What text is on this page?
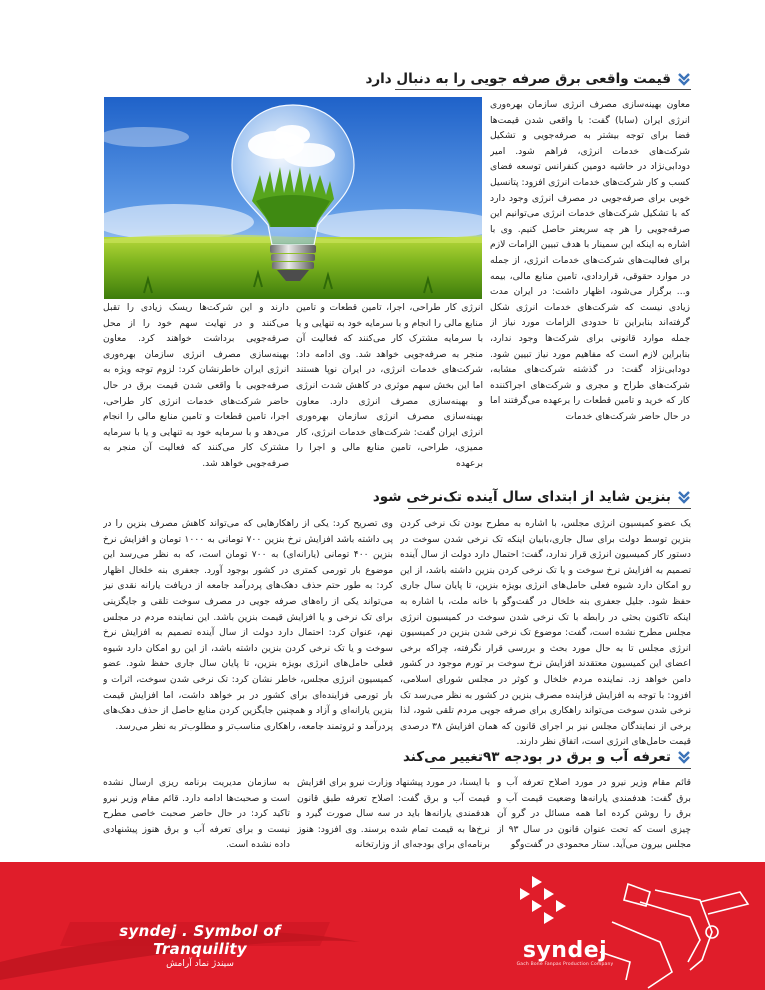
قیمت واقعی برق صرفه جویی را به دنبال دارد

معاون بهینه‌سازی مصرف انرژی سازمان بهره‌وری انرژی ایران (سابا) گفت: با واقعی شدن قیمت‌ها فضا برای توجه بیشتر به صرفه‌جویی و تشکیل شرکت‌های خدمات انرژی، فراهم شود. امیر دودابی‌نژاد در حاشیه دومین کنفرانس توسعه فضای کسب و کار شرکت‌های خدمات انرژی افزود: پتانسیل خوبی برای صرفه‌جویی در مصرف انرژی وجود دارد که با تشکیل شرکت‌های خدمات انرژی می‌توانیم این صرفه‌جویی را هر چه سریعتر حاصل کنیم. وی با اشاره به اینکه این سمینار با هدف تبیین الزامات لازم برای فعالیت‌های شرکت‌های خدمات انرژی، از جمله در موارد حقوقی، قراردادی، تامین منابع مالی، بیمه و... برگزار می‌شود، اظهار داشت: در ایران مدت زیادی نیست که شرکت‌های خدمات انرژی شکل گرفته‌اند بنابراین تا حدودی الزامات مورد نیاز از جمله موارد قانونی برای شرکت‌ها وجود ندارد، بنابراین لازم است که مفاهیم مورد نیاز تبیین شود. دودابی‌نژاد گفت: در گذشته شرکت‌های مشابه، شرکت‌های طراح و مجری و شرکت‌های اجراکننده کار که خرید و تامین قطعات را برعهده می‌گرفتند اما در حال حاضر شرکت‌های خدمات

انرژی کار طراحی، اجرا، تامین قطعات و تامین منابع مالی را انجام و با سرمایه خود به تنهایی و یا با سرمایه مشترک کار می‌کنند که فعالیت آن منجر به صرفه‌جویی خواهد شد. وی ادامه داد: شرکت‌های خدمات انرژی، در ایران نوپا هستند اما این بخش سهم موثری در کاهش شدت انرژی و بهینه‌سازی مصرف انرژی دارد. معاون بهینه‌سازی مصرف انرژی سازمان بهره‌وری انرژی ایران گفت: شرکت‌های خدمات انرژی، کار ممیزی، طراحی، تامین منابع مالی و اجرا را برعهده

دارند و این شرکت‌ها ریسک زیادی را تقبل می‌کنند و در نهایت سهم خود را از محل صرفه‌جویی برداشت خواهند کرد. معاون بهینه‌سازی مصرف انرژی سازمان بهره‌وری انرژی ایران خاطرنشان کرد: لزوم توجه ویژه به صرفه‌جویی با واقعی شدن قیمت برق در حال حاضر شرکت‌های خدمات انرژی کار طراحی، اجرا، تامین قطعات و تامین منابع مالی را انجام می‌دهد و با سرمایه خود به تنهایی و یا با سرمایه مشترک کار می‌کنند که فعالیت آن منجر به صرفه‌جویی خواهد شد.

بنزین شاید از ابتدای سال آینده تک‌نرخی شود

یک عضو کمیسیون انرژی مجلس، با اشاره به مطرح بودن تک نرخی کردن بنزین توسط دولت برای سال جاری،بابیان اینکه تک نرخی شدن سوخت در دستور کار کمیسیون انرژی قرار ندارد، گفت: احتمال دارد دولت از سال آینده تصمیم به افزایش نرخ سوخت و یا تک نرخی کردن بنزین داشته باشد، از این رو امکان دارد شیوه فعلی حامل‌های انرژی بویژه بنزین، تا پایان سال جاری حفظ شود. جلیل جعفری بنه خلخال در گفت‌وگو با خانه ملت، با اشاره به اینکه تاکنون بحثی در رابطه با تک نرخی شدن سوخت در کمیسیون انرژی مجلس مطرح نشده است، گفت: موضوع تک نرخی شدن بنزین در کمیسیون انرژی مجلس تا به حال مورد بحث و بررسی قرار نگرفته، چراکه برخی اعضای این کمیسیون معتقدند افزایش نرخ سوخت بر تورم موجود در کشور دامن خواهد زد. نماینده مردم خلخال و کوثر در مجلس شورای اسلامی، افزود: با توجه به افزایش فزاینده مصرف بنزین در کشور به نظر می‌رسد تک نرخی شدن سوخت می‌تواند راهکاری برای صرفه جویی مردم تلقی شود، لذا برخی از نمایندگان مجلس نیز بر اجرای قانون که همان افزایش ۳۸ درصدی قیمت حامل‌های انرژی است، اتفاق نظر دارند.

وی تصریح کرد: یکی از راهکارهایی که می‌تواند کاهش مصرف بنزین را در پی داشته باشد افزایش نرخ بنزین ۷۰۰ تومانی به ۱۰۰۰ تومان و افزایش نرخ بنزین ۴۰۰ تومانی (یارانه‌ای) به ۷۰۰ تومان است، که به نظر می‌رسد این موضوع بار تورمی کمتری در کشور بوجود آورد. جعفری بنه خلخال اظهار کرد: به طور حتم حذف دهک‌های پردرآمد جامعه از دریافت یارانه نقدی نیز می‌تواند یکی از راه‌های صرفه جویی در مصرف سوخت تلقی و جایگزینی برای تک نرخی و یا افزایش قیمت بنزین باشد. این نماینده مردم در مجلس نهم، عنوان کرد: احتمال دارد دولت از سال آینده تصمیم به افزایش نرخ سوخت و یا تک نرخی کردن بنزین داشته باشد، از این رو امکان دارد شیوه فعلی حامل‌های انرژی بویژه بنزین، تا پایان سال جاری حفظ شود. عضو کمیسیون انرژی مجلس، خاطر نشان کرد: تک نرخی شدن سوخت، اثرات و بار تورمی فزاینده‌ای برای کشور در بر خواهد داشت، اما افزایش قیمت بنزین یارانه‌ای و آزاد و همچنین جایگزین کردن منابع حاصل از حذف دهک‌های پردرآمد و ثروتمند جامعه، راهکاری مناسب‌تر و مطلوب‌تر به نظر می‌رسد.

تعرفه آب و برق در بودجه ۹۳تغییر می‌کند

قائم مقام وزیر نیرو در مورد اصلاح تعرفه آب و برق گفت: هدفمندی یارانه‌ها وضعیت قیمت آب و برق را روشن کرده اما همه مسائل در گرو آن چیزی است که تحت عنوان قانون در سال ۹۳ از مجلس بیرون می‌آید. ستار محمودی در گفت‌وگو

با ایسنا، در مورد پیشنهاد وزارت نیرو برای افزایش قیمت آب و برق گفت: اصلاح تعرفه طبق قانون هدفمندی یارانه‌ها باید در سه سال صورت گیرد و نرخ‌ها به قیمت تمام شده برسند. وی افزود: هنوز برنامه‌ای برای بودجه‌ای از وزارتخانه

به سازمان مدیریت برنامه ریزی ارسال نشده است و صحبت‌ها ادامه دارد. قائم مقام وزیر نیرو تاکید کرد: در حال حاضر صحبت خاصی مطرح نیست و برای تعرفه آب و برق هنوز پیشنهادی داده نشده است.

syndej . Symbol of Tranquility
سیندژ نماد آرامش
syndej
Gach Bone Fanpas Production Company
